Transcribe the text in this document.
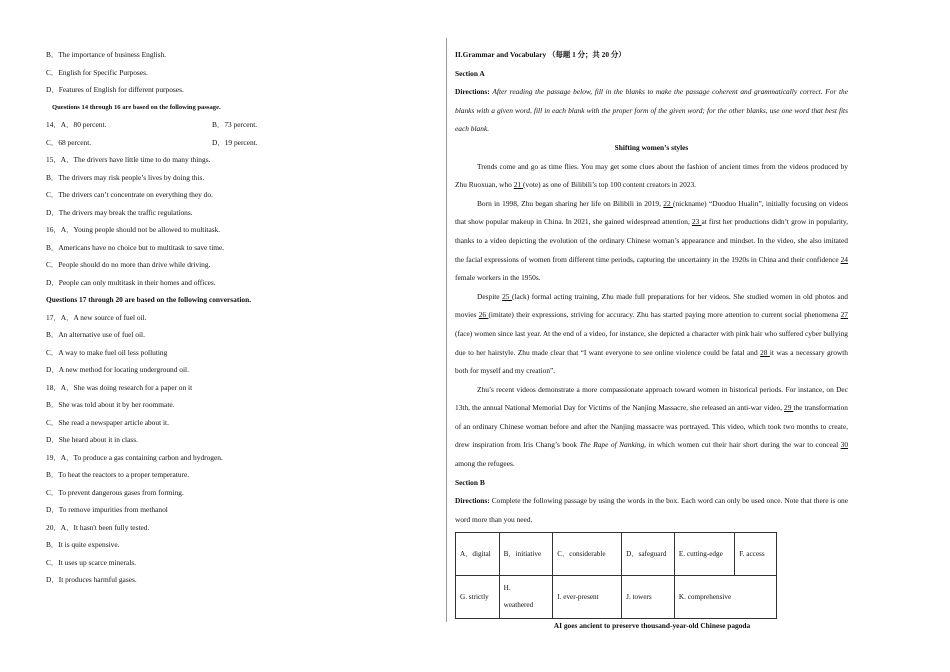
B．The importance of business English.
C．English for Specific Purposes.
D．Features of English for different purposes.
Questions 14 through 16 are based on the following passage.
14．A．80 percent.	B．73 percent.
C．68 percent.	D．19 percent.
15．A．The drivers have little time to do many things.
B．The drivers may risk people’s lives by doing this.
C．The drivers can’t concentrate on everything they do.
D．The drivers may break the traffic regulations.
16．A．Young people should not be allowed to multitask.
B．Americans have no choice but to multitask to save time.
C．People should do no more than drive while driving.
D．People can only multitask in their homes and offices.
Questions 17 through 20 are based on the following conversation.
17．A．A new source of fuel oil.
B．An alternative use of fuel oil.
C．A way to make fuel oil less polluting
D．A new method for locating underground oil.
18．A．She was doing research for a paper on it
B．She was told about it by her roommate.
C．She read a newspaper article about it.
D．She heard about it in class.
19．A．To produce a gas containing carbon and hydrogen.
B．To heat the reactors to a proper temperature.
C．To prevent dangerous gases from forming.
D．To remove impurities from methanol
20．A．It hasn't been fully tested.
B．It is quite expensive.
C．It uses up scarce minerals.
D．It produces harmful gases.
II.Grammar and Vocabulary （每题 1 分；共 20 分）
Section A
Directions: After reading the passage below, fill in the blanks to make the passage coherent and grammatically correct. For the blanks with a given word, fill in each blank with the proper form of the given word; for the other blanks, use one word that best fits each blank.
Shifting women’s styles
Trends come and go as time flies. You may get some clues about the fashion of ancient times from the videos produced by Zhu Ruoxuan, who 21 (vote) as one of Bilibili’s top 100 content creators in 2023.
Born in 1998, Zhu began sharing her life on Bilibili in 2019, 22 (nickname) “Duoduo Hualin”, initially focusing on videos that show popular makeup in China. In 2021, she gained widespread attention, 23 at first her productions didn’t grow in popularity, thanks to a video depicting the evolution of the ordinary Chinese woman’s appearance and mindset. In the video, she also imitated the facial expressions of women from different time periods, capturing the uncertainty in the 1920s in China and their confidence 24 female workers in the 1950s.
Despite 25 (lack) formal acting training, Zhu made full preparations for her videos. She studied women in old photos and movies 26 (imitate) their expressions, striving for accuracy. Zhu has started paying more attention to current social phenomena 27 (face) women since last year. At the end of a video, for instance, she depicted a character with pink hair who suffered cyber bullying due to her hairstyle. Zhu made clear that “I want everyone to see online violence could be fatal and 28 it was a necessary growth both for myself and my creation”.
Zhu’s recent videos demonstrate a more compassionate approach toward women in historical periods. For instance, on Dec 13th, the annual National Memorial Day for Victims of the Nanjing Massacre, she released an anti-war video, 29 the transformation of an ordinary Chinese woman before and after the Nanjing massacre was portrayed. This video, which took two months to create, drew inspiration from Iris Chang’s book The Rape of Nanking, in which women cut their hair short during the war to conceal 30 among the refugees.
Section B
Directions: Complete the following passage by using the words in the box. Each word can only be used once. Note that there is one word more than you need.
A．digital	B．initiative	C．considerable	D．safeguard	E. cutting-edge	F. access
G. strictly	H. weathered	I. ever-present	J. towers	K. comprehensive	
AI goes ancient to preserve thousand-year-old Chinese pagoda
